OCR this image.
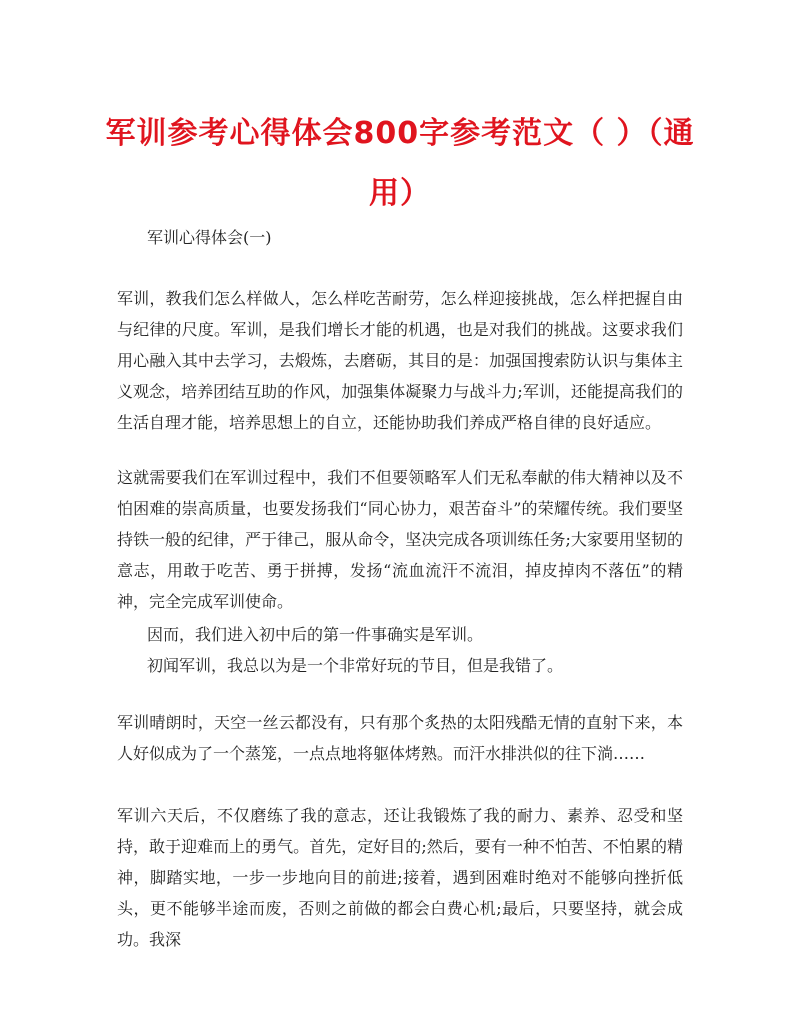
军训参考心得体会800字参考范文（ ）（通用）

军训心得体会(一)

军训，教我们怎么样做人，怎么样吃苦耐劳，怎么样迎接挑战，怎么样把握自由与纪律的尺度。军训，是我们增长才能的机遇，也是对我们的挑战。这要求我们用心融入其中去学习，去煅炼，去磨砺，其目的是：加强国搜索防认识与集体主义观念，培养团结互助的作风，加强集体凝聚力与战斗力;军训，还能提高我们的生活自理才能，培养思想上的自立，还能协助我们养成严格自律的良好适应。

这就需要我们在军训过程中，我们不但要领略军人们无私奉献的伟大精神以及不怕困难的崇高质量，也要发扬我们“同心协力，艰苦奋斗”的荣耀传统。我们要坚持铁一般的纪律，严于律己，服从命令，坚决完成各项训练任务;大家要用坚韧的意志，用敢于吃苦、勇于拼搏，发扬“流血流汗不流泪，掉皮掉肉不落伍”的精神，完全完成军训使命。

因而，我们进入初中后的第一件事确实是军训。

初闻军训，我总以为是一个非常好玩的节目，但是我错了。

军训晴朗时，天空一丝云都没有，只有那个炙热的太阳残酷无情的直射下来，本人好似成为了一个蒸笼，一点点地将躯体烤熟。而汗水排洪似的往下淌……

军训六天后，不仅磨练了我的意志，还让我锻炼了我的耐力、素养、忍受和坚持，敢于迎难而上的勇气。首先，定好目的;然后，要有一种不怕苦、不怕累的精神，脚踏实地，一步一步地向目的前进;接着，遇到困难时绝对不能够向挫折低头，更不能够半途而废，否则之前做的都会白费心机;最后，只要坚持，就会成功。我深
